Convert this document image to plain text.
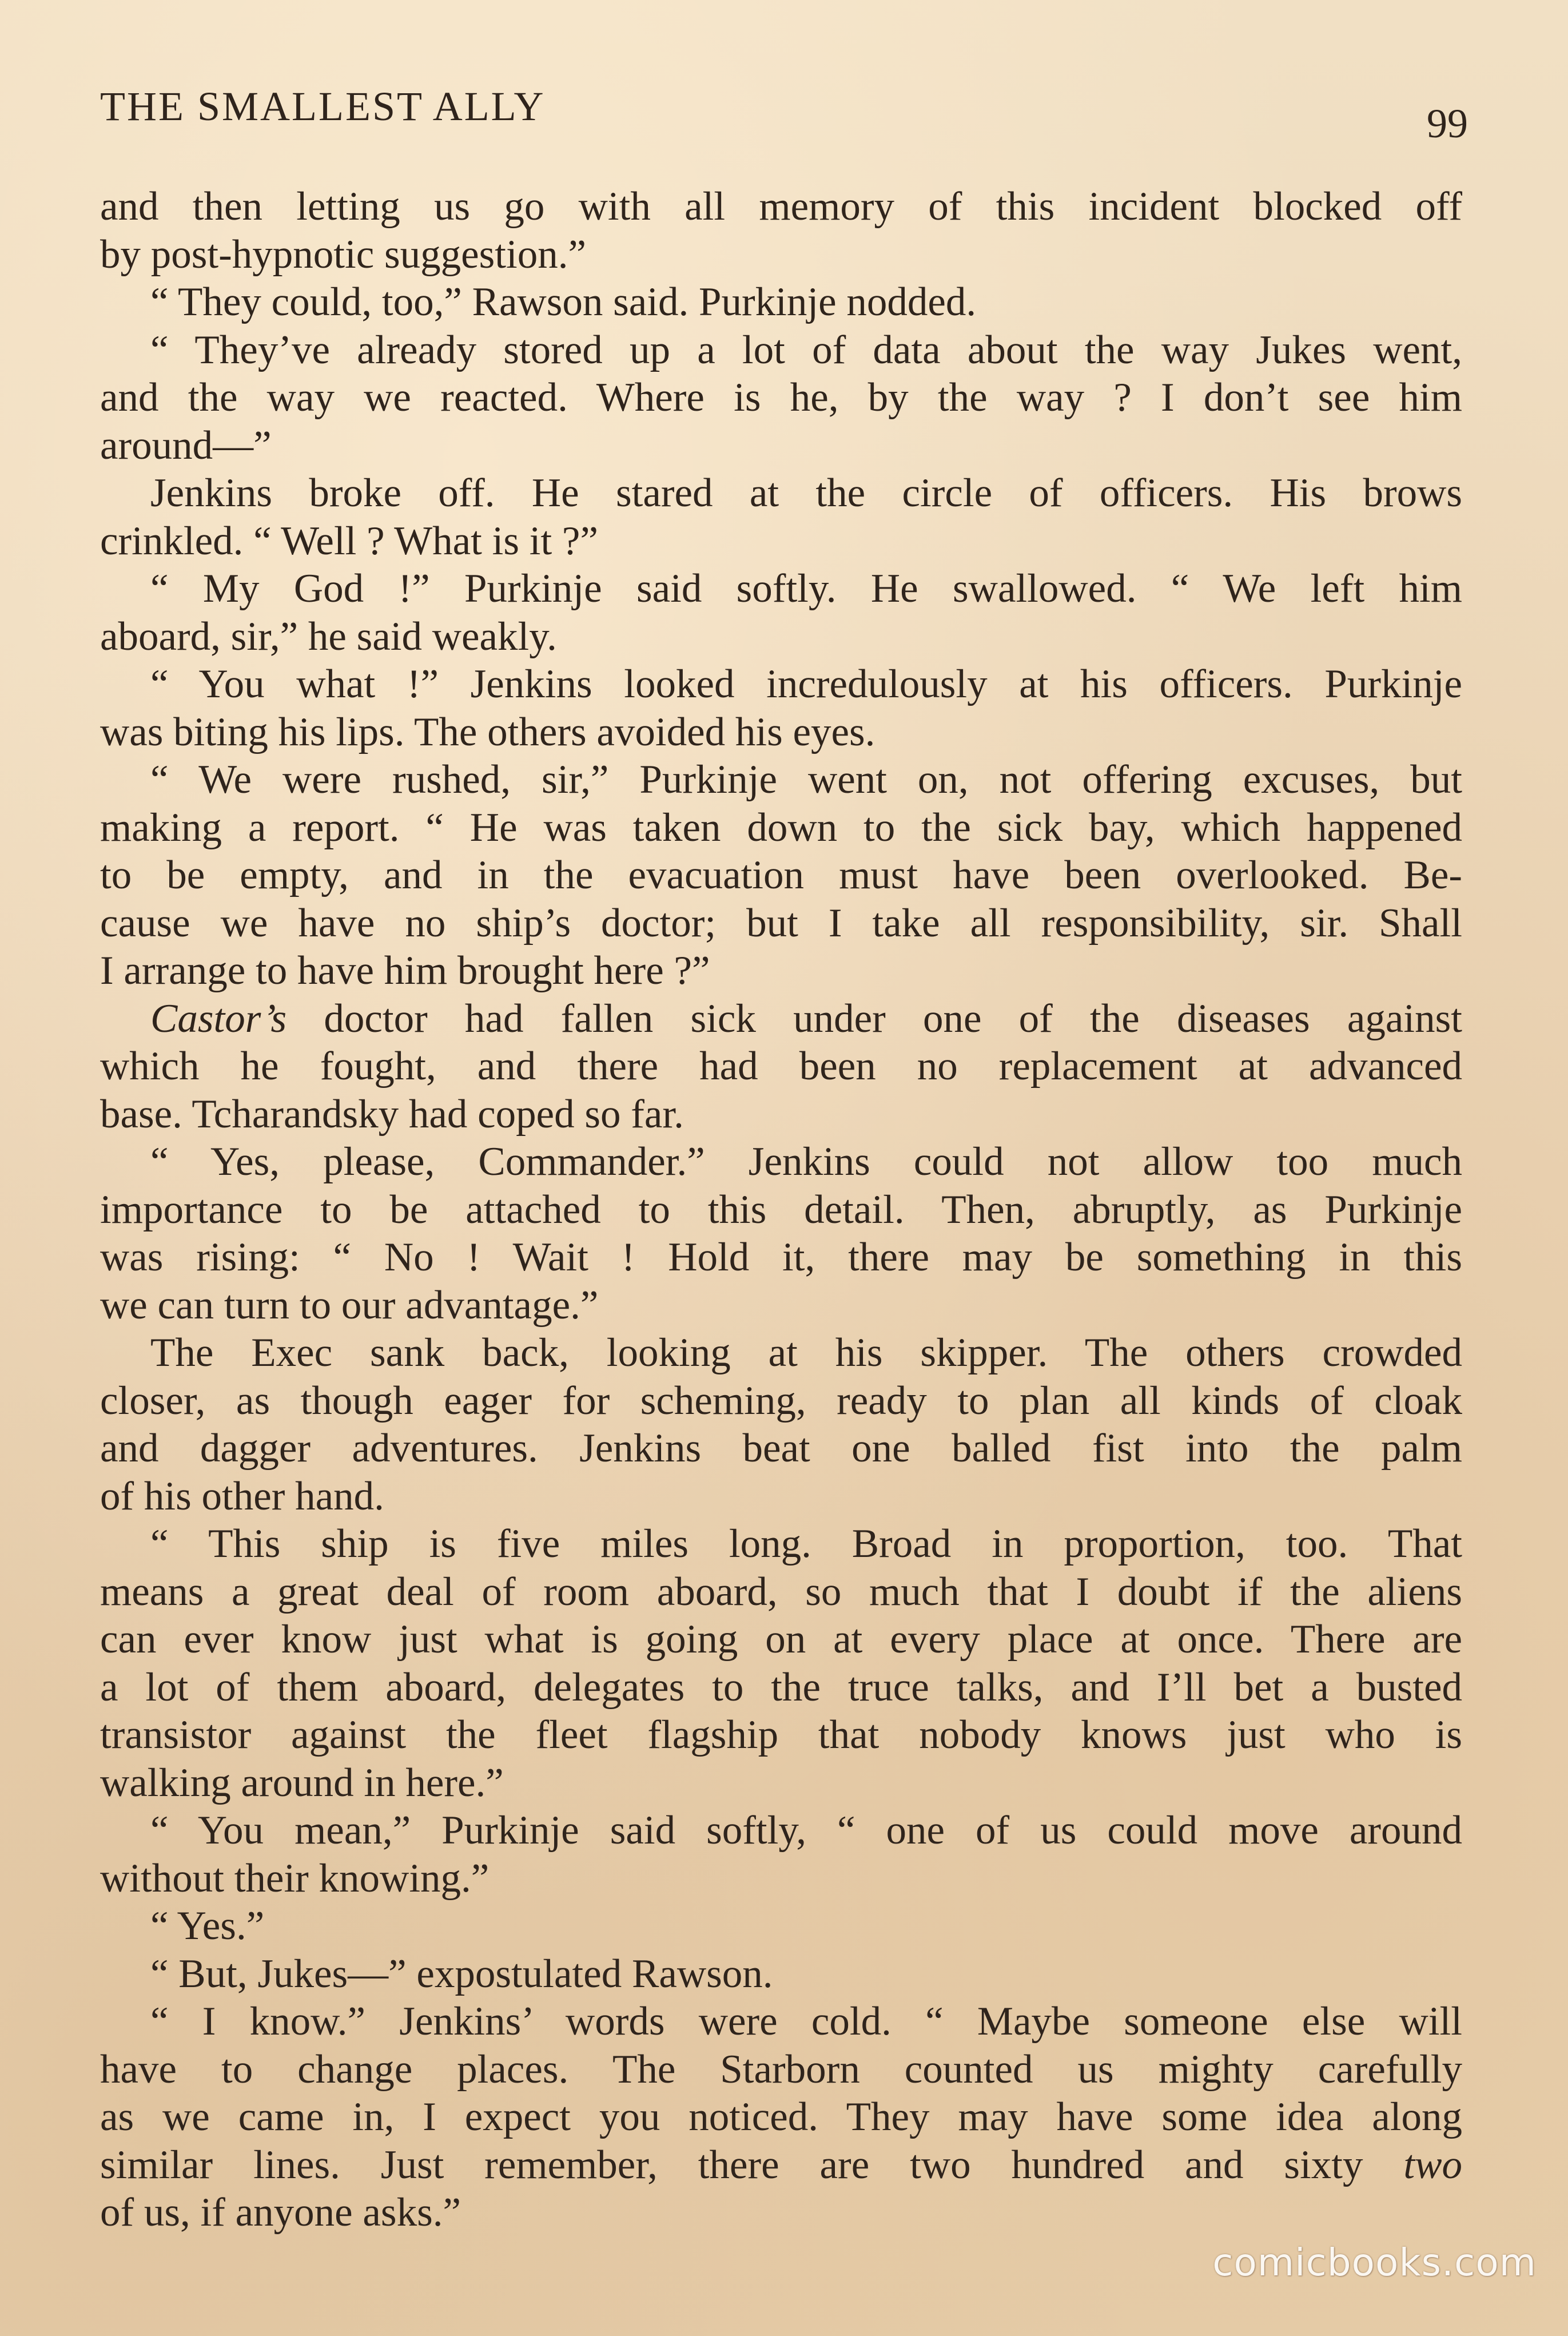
THE SMALLEST ALLY	99
and then letting us go with all memory of this incident blocked off
by post-hypnotic suggestion.”
“ They could, too,” Rawson said. Purkinje nodded.
“ They’ve already stored up a lot of data about the way Jukes went,
and the way we reacted. Where is he, by the way ? I don’t see him
around—”
Jenkins broke off. He stared at the circle of officers. His brows
crinkled. “ Well ? What is it ?”
“ My God !” Purkinje said softly. He swallowed. “ We left him
aboard, sir,” he said weakly.
“ You what !” Jenkins looked incredulously at his officers. Purkinje
was biting his lips. The others avoided his eyes.
“ We were rushed, sir,” Purkinje went on, not offering excuses, but
making a report. “ He was taken down to the sick bay, which happened
to be empty, and in the evacuation must have been overlooked. Be-
cause we have no ship’s doctor; but I take all responsibility, sir. Shall
I arrange to have him brought here ?”
Castor’s doctor had fallen sick under one of the diseases against
which he fought, and there had been no replacement at advanced
base. Tcharandsky had coped so far.
“ Yes, please, Commander.” Jenkins could not allow too much
importance to be attached to this detail. Then, abruptly, as Purkinje
was rising: “ No ! Wait ! Hold it, there may be something in this
we can turn to our advantage.”
The Exec sank back, looking at his skipper. The others crowded
closer, as though eager for scheming, ready to plan all kinds of cloak
and dagger adventures. Jenkins beat one balled fist into the palm
of his other hand.
“ This ship is five miles long. Broad in proportion, too. That
means a great deal of room aboard, so much that I doubt if the aliens
can ever know just what is going on at every place at once. There are
a lot of them aboard, delegates to the truce talks, and I’ll bet a busted
transistor against the fleet flagship that nobody knows just who is
walking around in here.”
“ You mean,” Purkinje said softly, “ one of us could move around
without their knowing.”
“ Yes.”
“ But, Jukes—” expostulated Rawson.
“ I know.” Jenkins’ words were cold. “ Maybe someone else will
have to change places. The Starborn counted us mighty carefully
as we came in, I expect you noticed. They may have some idea along
similar lines. Just remember, there are two hundred and sixty two
of us, if anyone asks.”
comicbooks.com
